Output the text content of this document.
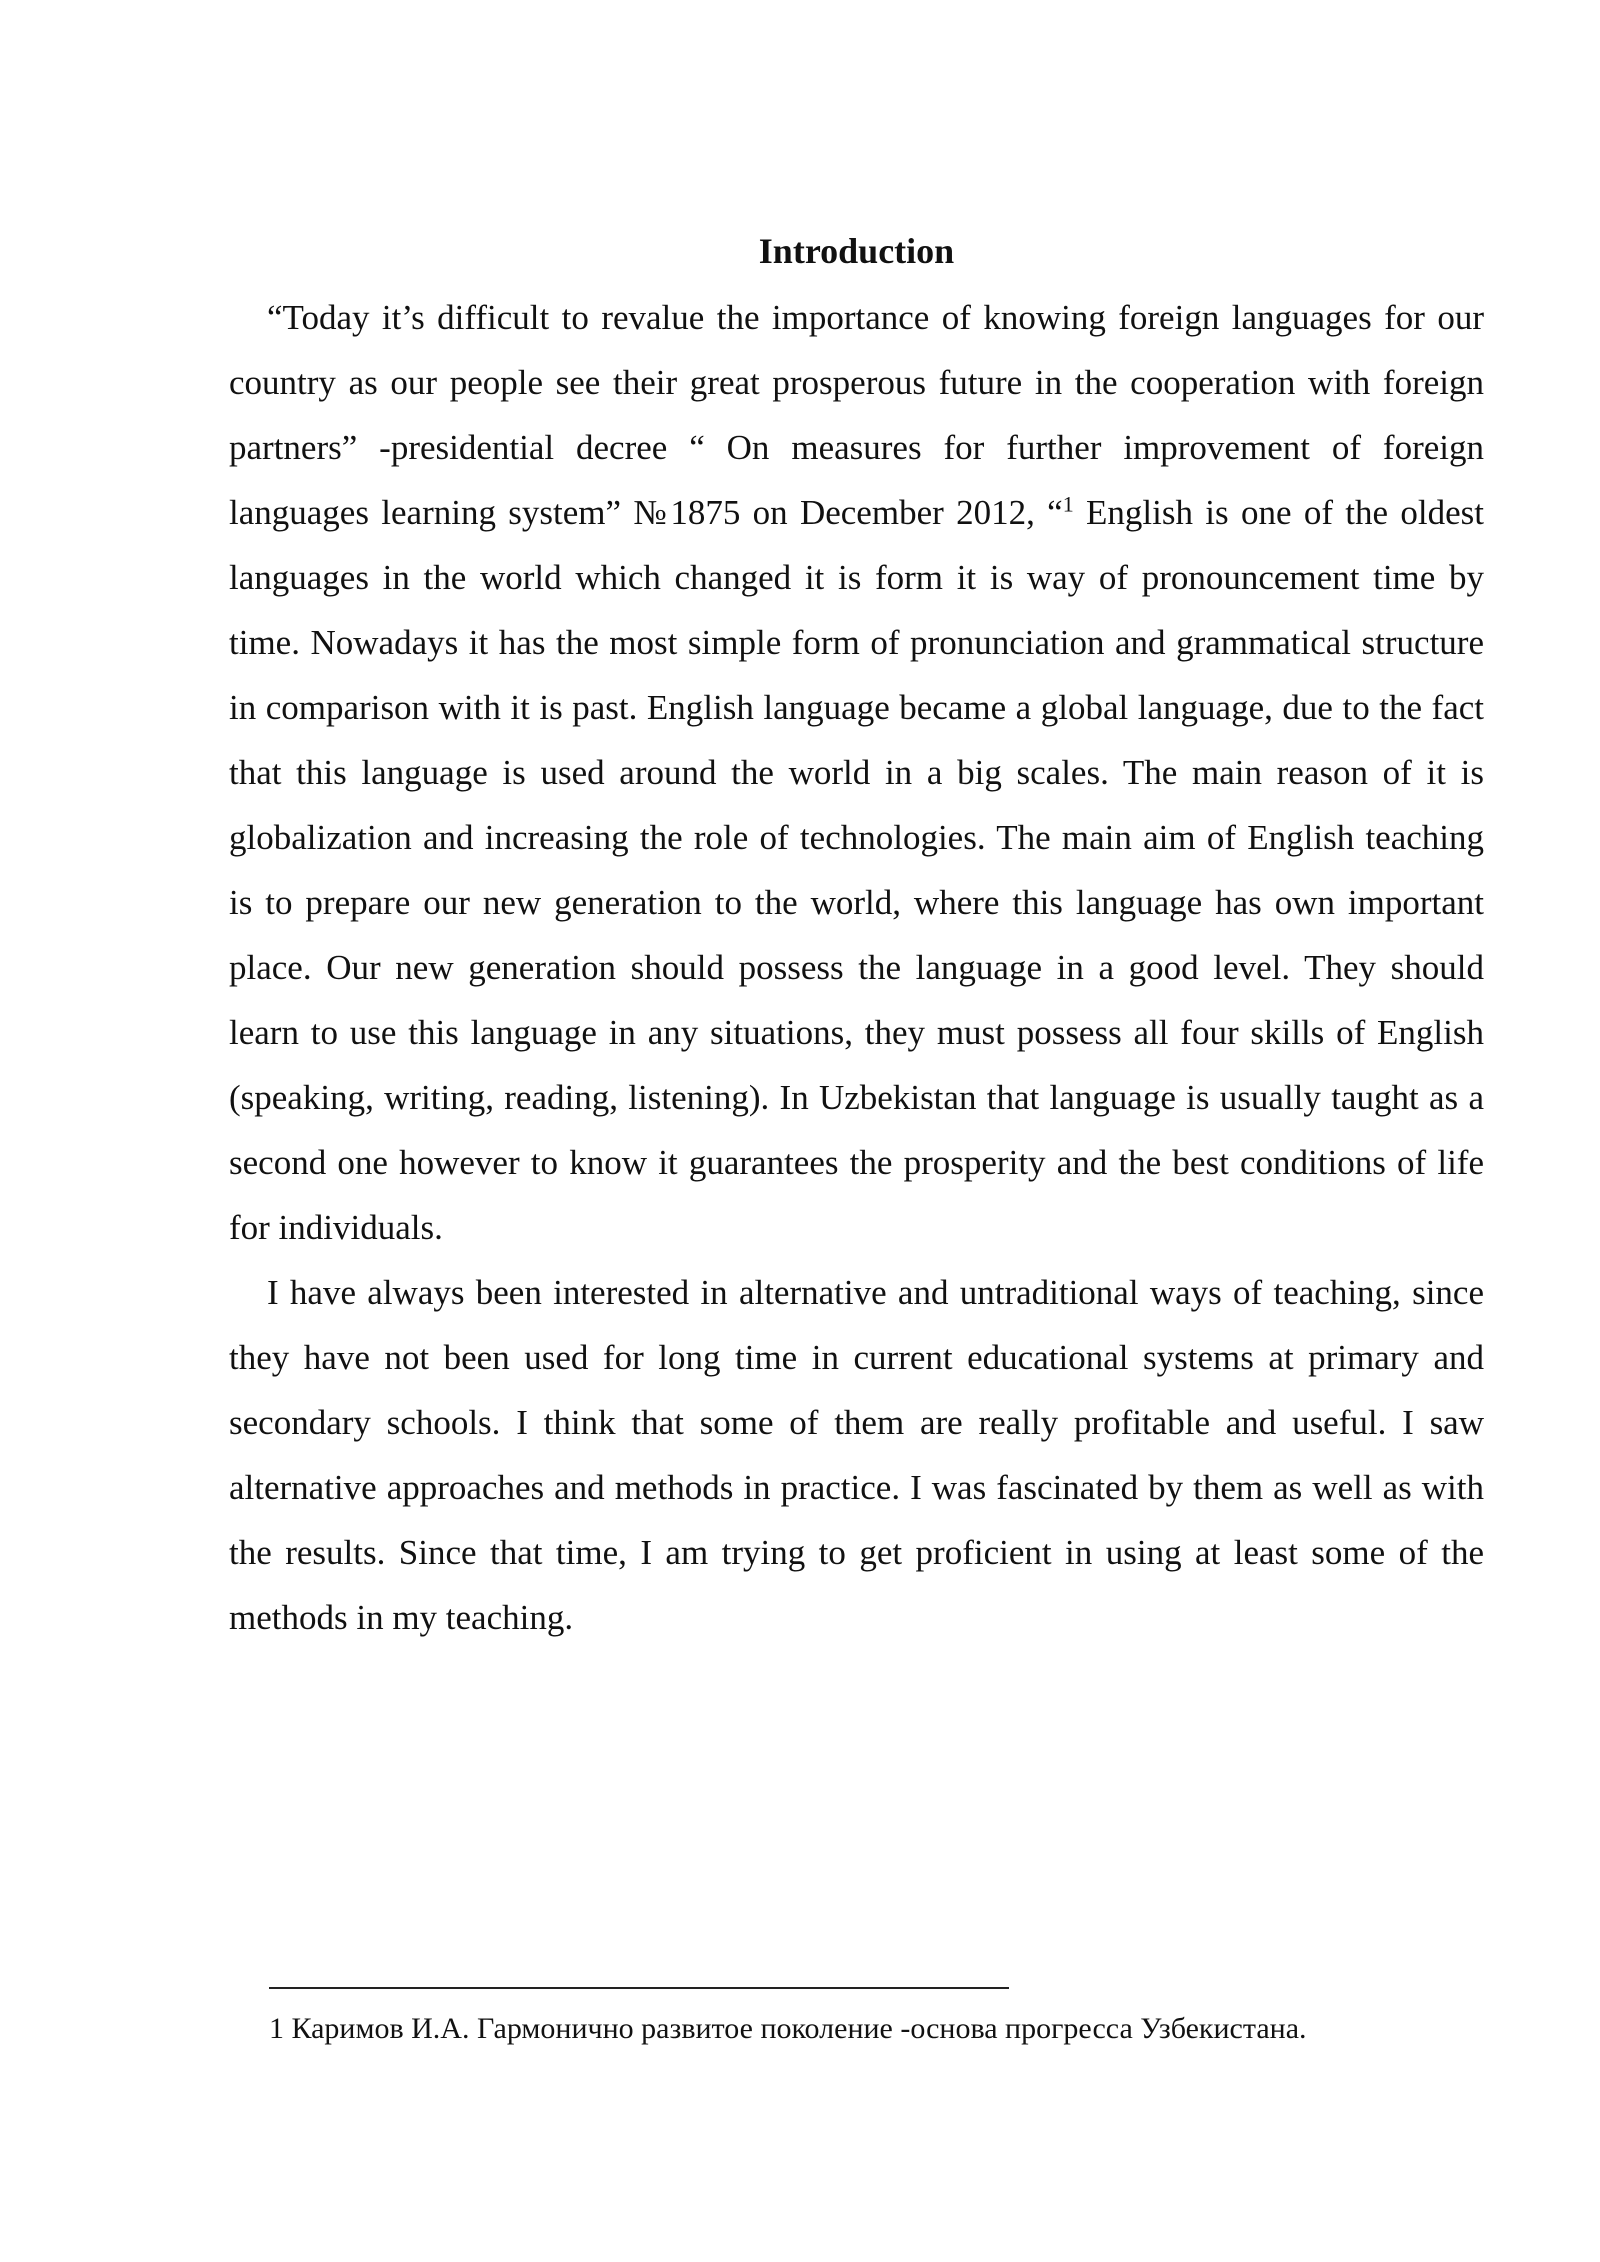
Introduction

“Today it’s difficult to revalue the importance of knowing foreign languages for our country as our people see their great prosperous future in the cooperation with foreign partners” -presidential decree “ On measures for further improvement of foreign languages learning system” №1875 on December 2012, “$^1$ English is one of the oldest languages in the world which changed it is form it is way of pronouncement time by time. Nowadays it has the most simple form of pronunciation and grammatical structure in comparison with it is past. English language became a global language, due to the fact that this language is used around the world in a big scales. The main reason of it is globalization and increasing the role of technologies. The main aim of English teaching is to prepare our new generation to the world, where this language has own important place. Our new generation should possess the language in a good level. They should learn to use this language in any situations, they must possess all four skills of English (speaking, writing, reading, listening). In Uzbekistan that language is usually taught as a second one however to know it guarantees the prosperity and the best conditions of life for individuals.

I have always been interested in alternative and untraditional ways of teaching, since they have not been used for long time in current educational systems at primary and secondary schools. I think that some of them are really profitable and useful. I saw alternative approaches and methods in practice. I was fascinated by them as well as with the results. Since that time, I am trying to get proficient in using at least some of the methods in my teaching.

1 Каримов И.А. Гармонично развитое поколение -основа прогресса Узбекистана.
